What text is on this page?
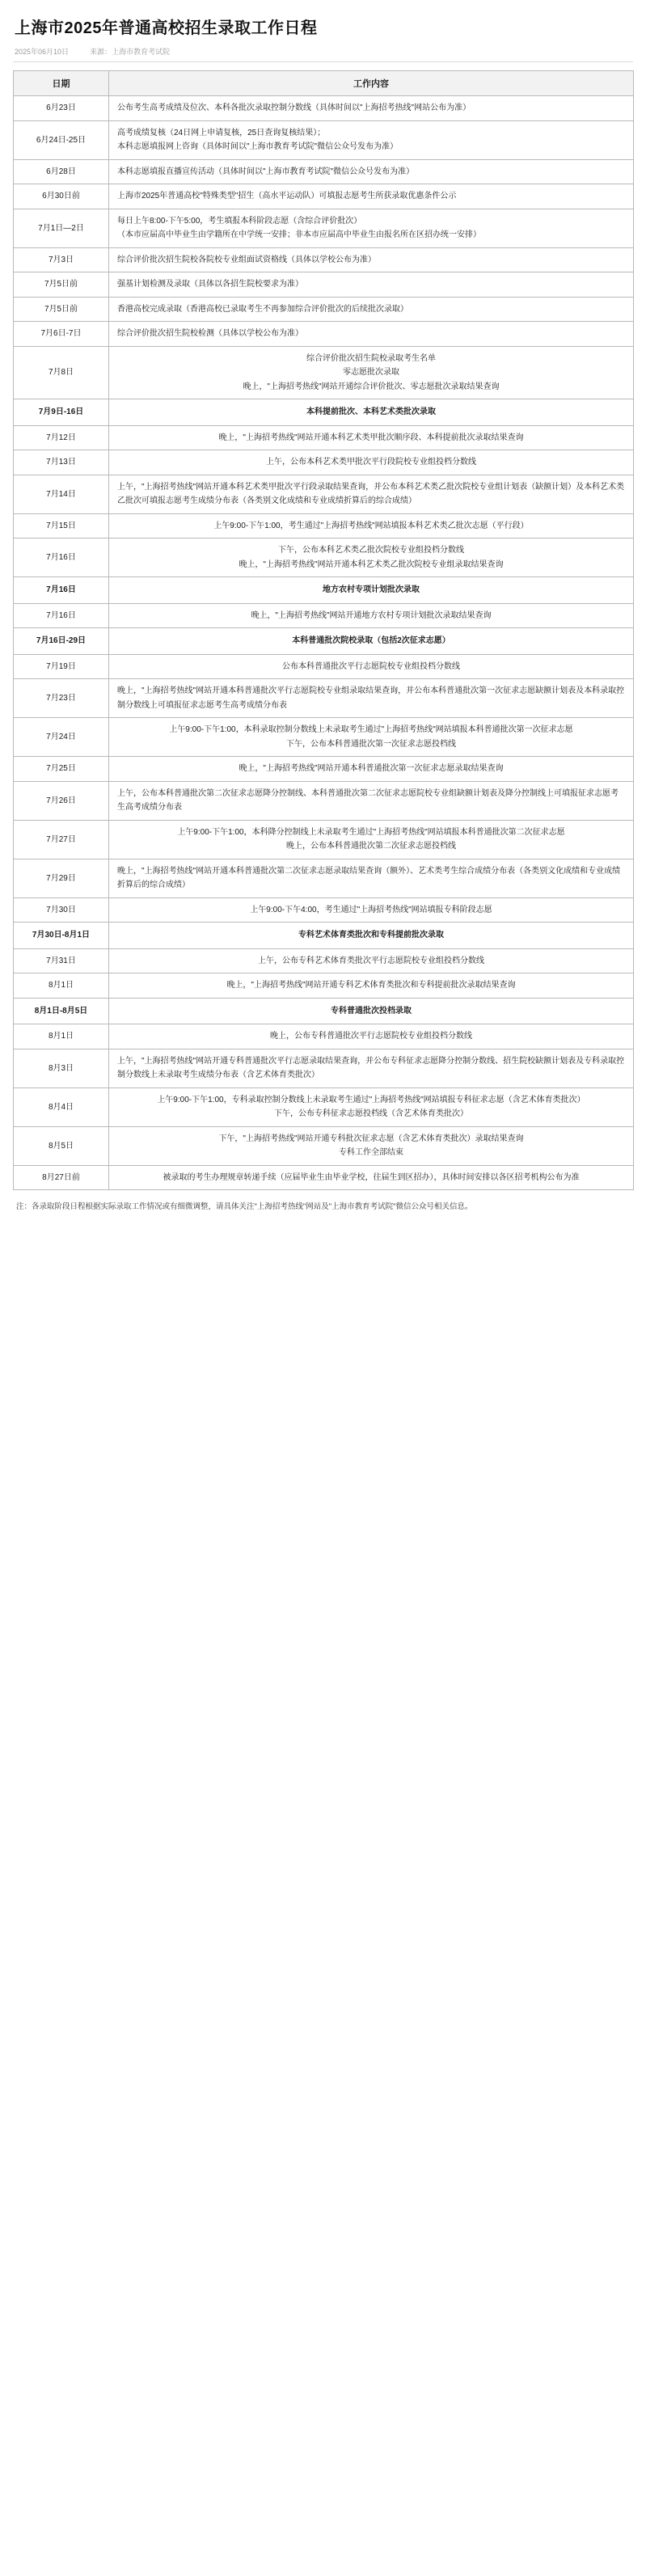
上海市2025年普通高校招生录取工作日程
2025年06月10日	来源： 上海市教育考试院
日期	工作内容
6月23日	公布考生高考成绩及位次、本科各批次录取控制分数线（具体时间以"上海招考热线"网站公布为准）
6月24日-25日	高考成绩复核（24日网上申请复核，25日查询复核结果）；
本科志愿填报网上咨询（具体时间以"上海市教育考试院"微信公众号发布为准）
6月28日	本科志愿填报直播宣传活动（具体时间以"上海市教育考试院"微信公众号发布为准）
6月30日前	上海市2025年普通高校"特殊类型"招生（高水平运动队）可填报志愿考生所获录取优惠条件公示
7月1日—2日	每日上午8:00-下午5:00，考生填报本科阶段志愿（含综合评价批次）
（本市应届高中毕业生由学籍所在中学统一安排；非本市应届高中毕业生由报名所在区招办统一安排）
7月3日	综合评价批次招生院校各院校专业组面试资格线（具体以学校公布为准）
7月5日前	强基计划检测及录取（具体以各招生院校要求为准）
7月5日前	香港高校完成录取（香港高校已录取考生不再参加综合评价批次的后续批次录取）
7月6日-7日	综合评价批次招生院校检测（具体以学校公布为准）
7月8日	综合评价批次招生院校录取考生名单
零志愿批次录取
晚上，"上海招考热线"网站开通综合评价批次、零志愿批次录取结果查询
7月9日-16日	本科提前批次、本科艺术类批次录取
7月12日	晚上，"上海招考热线"网站开通本科艺术类甲批次顺序段、本科提前批次录取结果查询
7月13日	上午，公布本科艺术类甲批次平行段院校专业组投档分数线
7月14日	上午，"上海招考热线"网站开通本科艺术类甲批次平行段录取结果查询，并公布本科艺术类乙批次院校专业组计划表（缺额计划）及本科艺术类乙批次可填报志愿考生成绩分布表（各类别文化成绩和专业成绩折算后的综合成绩）
7月15日	上午9:00-下午1:00，考生通过"上海招考热线"网站填报本科艺术类乙批次志愿（平行段）
7月16日	下午，公布本科艺术类乙批次院校专业组投档分数线
晚上，"上海招考热线"网站开通本科艺术类乙批次院校专业组录取结果查询
7月16日	地方农村专项计划批次录取
7月16日	晚上，"上海招考热线"网站开通地方农村专项计划批次录取结果查询
7月16日-29日	本科普通批次院校录取（包括2次征求志愿）
7月19日	公布本科普通批次平行志愿院校专业组投档分数线
7月23日	晚上，"上海招考热线"网站开通本科普通批次平行志愿院校专业组录取结果查询，并公布本科普通批次第一次征求志愿缺额计划表及本科录取控制分数线上可填报征求志愿考生高考成绩分布表
7月24日	上午9:00-下午1:00，本科录取控制分数线上未录取考生通过"上海招考热线"网站填报本科普通批次第一次征求志愿
下午，公布本科普通批次第一次征求志愿投档线
7月25日	晚上，"上海招考热线"网站开通本科普通批次第一次征求志愿录取结果查询
7月26日	上午，公布本科普通批次第二次征求志愿降分控制线、本科普通批次第二次征求志愿院校专业组缺额计划表及降分控制线上可填报征求志愿考生高考成绩分布表
7月27日	上午9:00-下午1:00，本科降分控制线上未录取考生通过"上海招考热线"网站填报本科普通批次第二次征求志愿
晚上，公布本科普通批次第二次征求志愿投档线
7月29日	晚上，"上海招考热线"网站开通本科普通批次第二次征求志愿录取结果查询（额外）、艺术类考生综合成绩分布表（各类别文化成绩和专业成绩折算后的综合成绩）
7月30日	上午9:00-下午4:00，考生通过"上海招考热线"网站填报专科阶段志愿
7月30日-8月1日	专科艺术体育类批次和专科提前批次录取
7月31日	上午，公布专科艺术体育类批次平行志愿院校专业组投档分数线
8月1日	晚上，"上海招考热线"网站开通专科艺术体育类批次和专科提前批次录取结果查询
8月1日-8月5日	专科普通批次投档录取
8月1日	晚上，公布专科普通批次平行志愿院校专业组投档分数线
8月3日	上午，"上海招考热线"网站开通专科普通批次平行志愿录取结果查询，并公布专科征求志愿降分控制分数线、招生院校缺额计划表及专科录取控制分数线上未录取考生成绩分布表（含艺术体育类批次）
8月4日	上午9:00-下午1:00，专科录取控制分数线上未录取考生通过"上海招考热线"网站填报专科征求志愿（含艺术体育类批次）
下午，公布专科征求志愿投档线（含艺术体育类批次）
8月5日	下午，"上海招考热线"网站开通专科批次征求志愿（含艺术体育类批次）录取结果查询
专科工作全部结束
8月27日前	被录取的考生办理规章转递手续（应届毕业生由毕业学校，往届生到区招办），具体时间安排以各区招考机构公布为准
注：各录取阶段日程根据实际录取工作情况或有细微调整，请具体关注"上海招考热线"网站及"上海市教育考试院"微信公众号相关信息。
